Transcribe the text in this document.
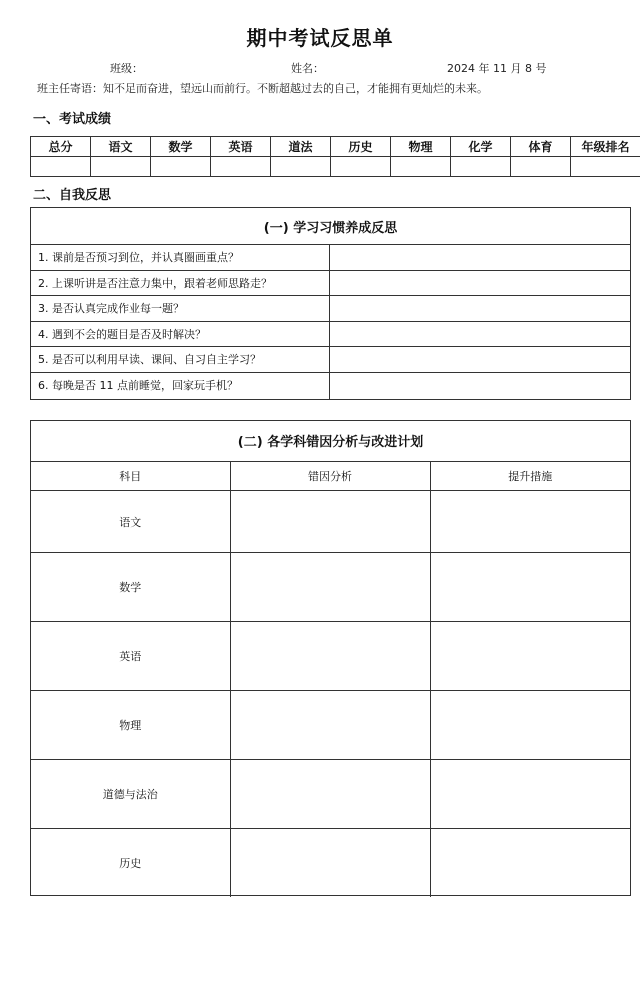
期中考试反思单
班级：	姓名：	2024 年 11 月 8 号
班主任寄语：知不足而奋进，望远山而前行。不断超越过去的自己，才能拥有更灿烂的未来。
一、考试成绩
总分	语文	数学	英语	道法	历史	物理	化学	体育	年级排名

二、自我反思
(一) 学习习惯养成反思
1. 课前是否预习到位，并认真圈画重点？
2. 上课听讲是否注意力集中，跟着老师思路走？
3. 是否认真完成作业每一题？
4. 遇到不会的题目是否及时解决？
5. 是否可以利用早读、课间、自习自主学习？
6. 每晚是否 11 点前睡觉，回家玩手机？
(二) 各学科错因分析与改进计划
科目	错因分析	提升措施
语文		
数学		
英语		
物理		
道德与法治		
历史		
